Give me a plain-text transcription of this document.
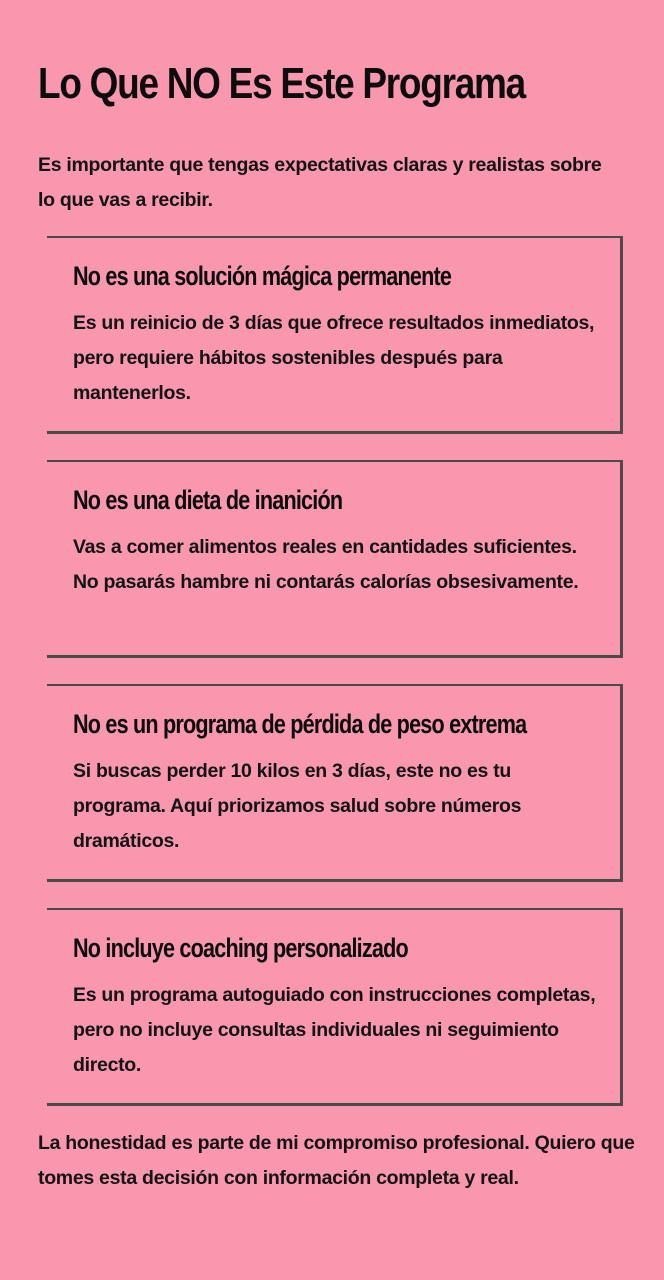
Lo Que NO Es Este Programa

Es importante que tengas expectativas claras y realistas sobre lo que vas a recibir.

No es una solución mágica permanente

Es un reinicio de 3 días que ofrece resultados inmediatos, pero requiere hábitos sostenibles después para mantenerlos.

No es una dieta de inanición

Vas a comer alimentos reales en cantidades suficientes. No pasarás hambre ni contarás calorías obsesivamente.

No es un programa de pérdida de peso extrema

Si buscas perder 10 kilos en 3 días, este no es tu programa. Aquí priorizamos salud sobre números dramáticos.

No incluye coaching personalizado

Es un programa autoguiado con instrucciones completas, pero no incluye consultas individuales ni seguimiento directo.

La honestidad es parte de mi compromiso profesional. Quiero que tomes esta decisión con información completa y real.
